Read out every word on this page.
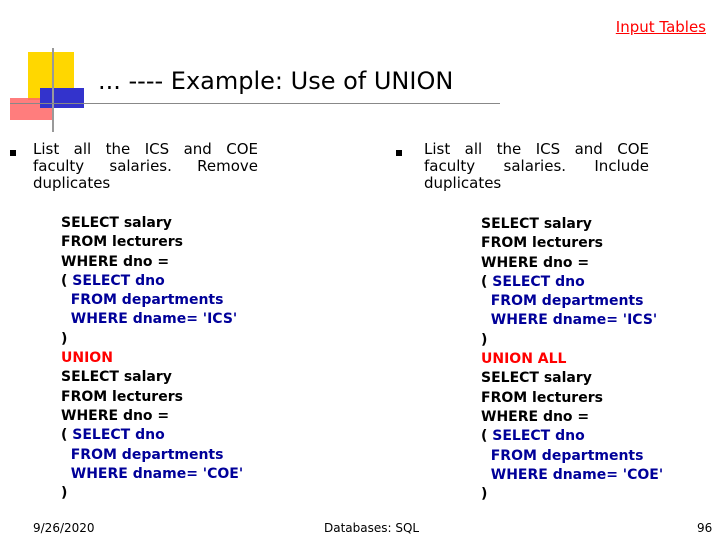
Input Tables
... ---- Example: Use of UNION
List all the ICS and COE faculty salaries. Remove duplicates
SELECT salary
FROM lecturers
WHERE dno =
( SELECT dno
FROM departments
WHERE dname= 'ICS'
)
UNION
SELECT salary
FROM lecturers
WHERE dno =
( SELECT dno
FROM departments
WHERE dname= 'COE'
)
List all the ICS and COE faculty salaries. Include duplicates
SELECT salary
FROM lecturers
WHERE dno =
( SELECT dno
FROM departments
WHERE dname= 'ICS'
)
UNION ALL
SELECT salary
FROM lecturers
WHERE dno =
( SELECT dno
FROM departments
WHERE dname= 'COE'
)
9/26/2020	Databases: SQL	96
